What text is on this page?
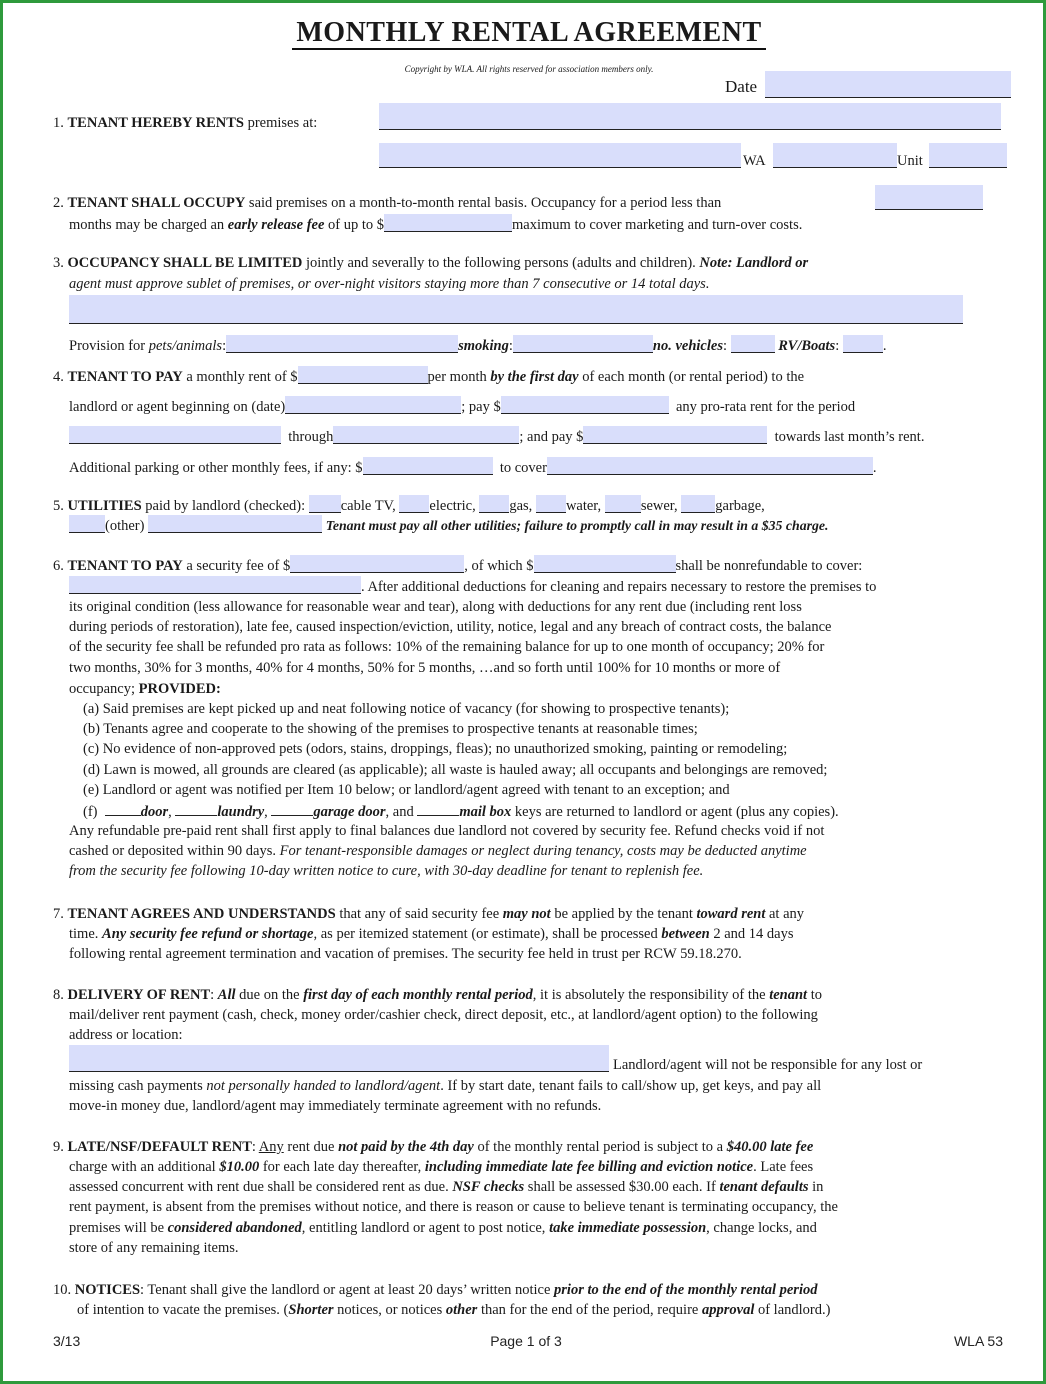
MONTHLY RENTAL AGREEMENT
Copyright by WLA. All rights reserved for association members only.
Date
1. TENANT HEREBY RENTS premises at:
WA	Unit
2. TENANT SHALL OCCUPY said premises on a month-to-month rental basis. Occupancy for a period less than
months may be charged an early release fee of up to $	maximum to cover marketing and turn-over costs.
3. OCCUPANCY SHALL BE LIMITED jointly and severally to the following persons (adults and children). Note: Landlord or
agent must approve sublet of premises, or over-night visitors staying more than 7 consecutive or 14 total days.
Provision for pets/animals:	smoking:	no. vehicles:	RV/Boats:	.
4. TENANT TO PAY a monthly rent of $	per month by the first day of each month (or rental period) to the
landlord or agent beginning on (date)	; pay $	any pro-rata rent for the period
through	; and pay $	towards last month’s rent.
Additional parking or other monthly fees, if any: $	to cover	.
5. UTILITIES paid by landlord (checked): cable TV, electric, gas, water,	sewer,	garbage,
(other)	Tenant must pay all other utilities; failure to promptly call in may result in a $35 charge.
6. TENANT TO PAY a security fee of $	, of which $	shall be nonrefundable to cover:
. After additional deductions for cleaning and repairs necessary to restore the premises to
its original condition (less allowance for reasonable wear and tear), along with deductions for any rent due (including rent loss
during periods of restoration), late fee, caused inspection/eviction, utility, notice, legal and any breach of contract costs, the balance
of the security fee shall be refunded pro rata as follows: 10% of the remaining balance for up to one month of occupancy; 20% for
two months, 30% for 3 months, 40% for 4 months, 50% for 5 months, …and so forth until 100% for 10 months or more of
occupancy; PROVIDED:
(a) Said premises are kept picked up and neat following notice of vacancy (for showing to prospective tenants);
(b) Tenants agree and cooperate to the showing of the premises to prospective tenants at reasonable times;
(c) No evidence of non-approved pets (odors, stains, droppings, fleas); no unauthorized smoking, painting or remodeling;
(d) Lawn is mowed, all grounds are cleared (as applicable); all waste is hauled away; all occupants and belongings are removed;
(e) Landlord or agent was notified per Item 10 below; or landlord/agent agreed with tenant to an exception; and
(f)	door,	laundry,	garage door, and	mail box keys are returned to landlord or agent (plus any copies).
Any refundable pre-paid rent shall first apply to final balances due landlord not covered by security fee. Refund checks void if not
cashed or deposited within 90 days. For tenant-responsible damages or neglect during tenancy, costs may be deducted anytime
from the security fee following 10-day written notice to cure, with 30-day deadline for tenant to replenish fee.
7. TENANT AGREES AND UNDERSTANDS that any of said security fee may not be applied by the tenant toward rent at any
time. Any security fee refund or shortage, as per itemized statement (or estimate), shall be processed between 2 and 14 days
following rental agreement termination and vacation of premises. The security fee held in trust per RCW 59.18.270.
8. DELIVERY OF RENT: All due on the first day of each monthly rental period, it is absolutely the responsibility of the tenant to
mail/deliver rent payment (cash, check, money order/cashier check, direct deposit, etc., at landlord/agent option) to the following
address or location:
Landlord/agent will not be responsible for any lost or
missing cash payments not personally handed to landlord/agent. If by start date, tenant fails to call/show up, get keys, and pay all
move-in money due, landlord/agent may immediately terminate agreement with no refunds.
9. LATE/NSF/DEFAULT RENT: Any rent due not paid by the 4th day of the monthly rental period is subject to a $40.00 late fee
charge with an additional $10.00 for each late day thereafter, including immediate late fee billing and eviction notice. Late fees
assessed concurrent with rent due shall be considered rent as due. NSF checks shall be assessed $30.00 each. If tenant defaults in
rent payment, is absent from the premises without notice, and there is reason or cause to believe tenant is terminating occupancy, the
premises will be considered abandoned, entitling landlord or agent to post notice, take immediate possession, change locks, and
store of any remaining items.
10. NOTICES: Tenant shall give the landlord or agent at least 20 days’ written notice prior to the end of the monthly rental period
of intention to vacate the premises. (Shorter notices, or notices other than for the end of the period, require approval of landlord.)
3/13	Page 1 of 3	WLA 53
